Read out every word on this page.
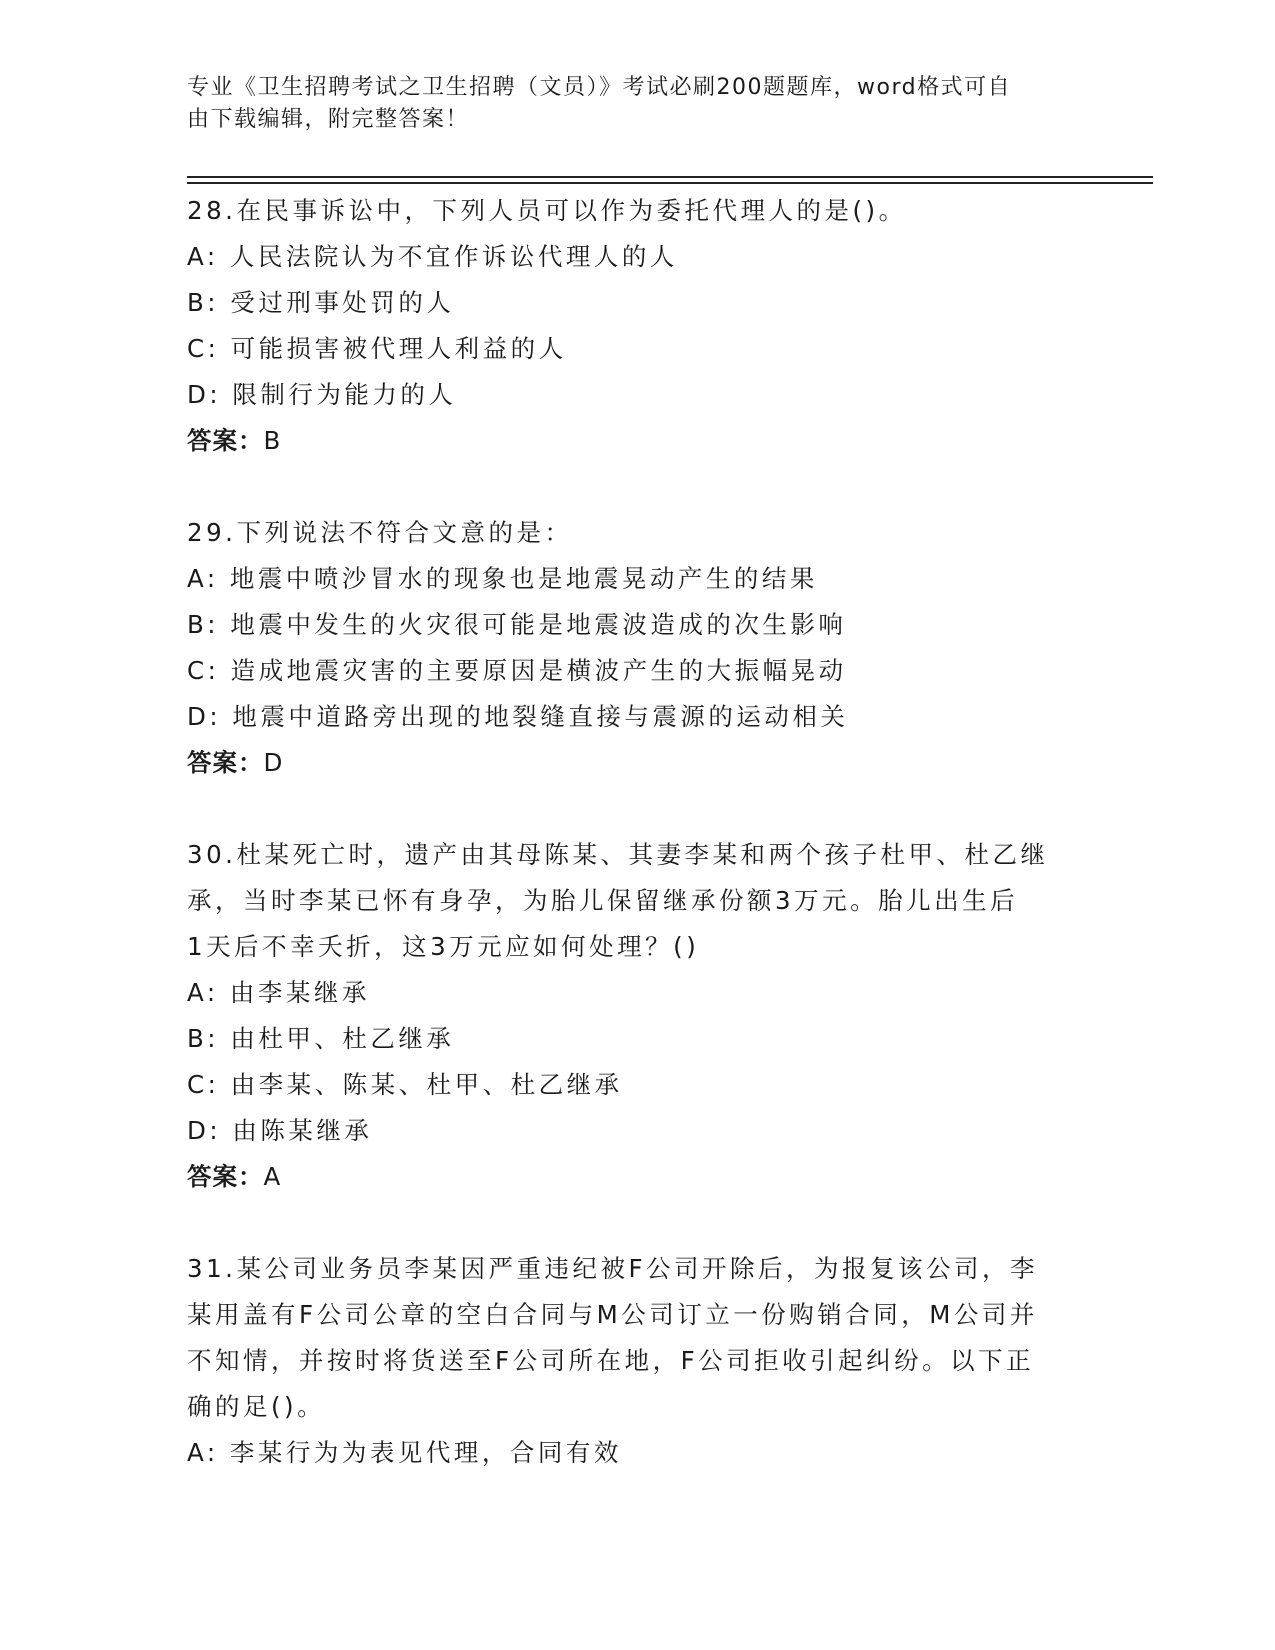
专业《卫生招聘考试之卫生招聘（文员）》考试必刷200题题库，word格式可自
由下载编辑，附完整答案！
28.在民事诉讼中，下列人员可以作为委托代理人的是()。
A: 人民法院认为不宜作诉讼代理人的人
B: 受过刑事处罚的人
C: 可能损害被代理人利益的人
D: 限制行为能力的人
答案：B
29.下列说法不符合文意的是：
A: 地震中喷沙冒水的现象也是地震晃动产生的结果
B: 地震中发生的火灾很可能是地震波造成的次生影响
C: 造成地震灾害的主要原因是横波产生的大振幅晃动
D: 地震中道路旁出现的地裂缝直接与震源的运动相关
答案：D
30.杜某死亡时，遗产由其母陈某、其妻李某和两个孩子杜甲、杜乙继
承，当时李某已怀有身孕，为胎儿保留继承份额3万元。胎儿出生后
1天后不幸夭折，这3万元应如何处理？()
A: 由李某继承
B: 由杜甲、杜乙继承
C: 由李某、陈某、杜甲、杜乙继承
D: 由陈某继承
答案：A
31.某公司业务员李某因严重违纪被F公司开除后，为报复该公司，李
某用盖有F公司公章的空白合同与M公司订立一份购销合同，M公司并
不知情，并按时将货送至F公司所在地，F公司拒收引起纠纷。以下正
确的足()。
A: 李某行为为表见代理，合同有效
